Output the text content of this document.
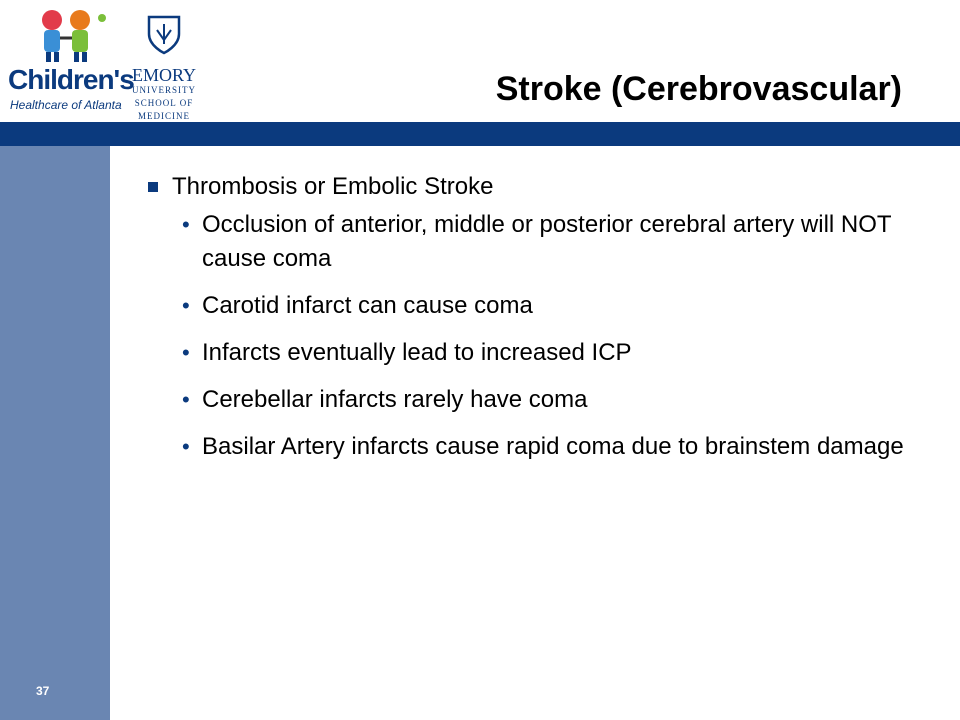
Children's
Healthcare of Atlanta
EMORY
UNIVERSITY
SCHOOL OF
MEDICINE
Stroke (Cerebrovascular)
37
Thrombosis or Embolic Stroke
• Occlusion of anterior, middle or posterior cerebral artery will NOT cause coma
• Carotid infarct can cause coma
• Infarcts eventually lead to increased ICP
• Cerebellar infarcts rarely have coma
• Basilar Artery infarcts cause rapid coma due to brainstem damage
